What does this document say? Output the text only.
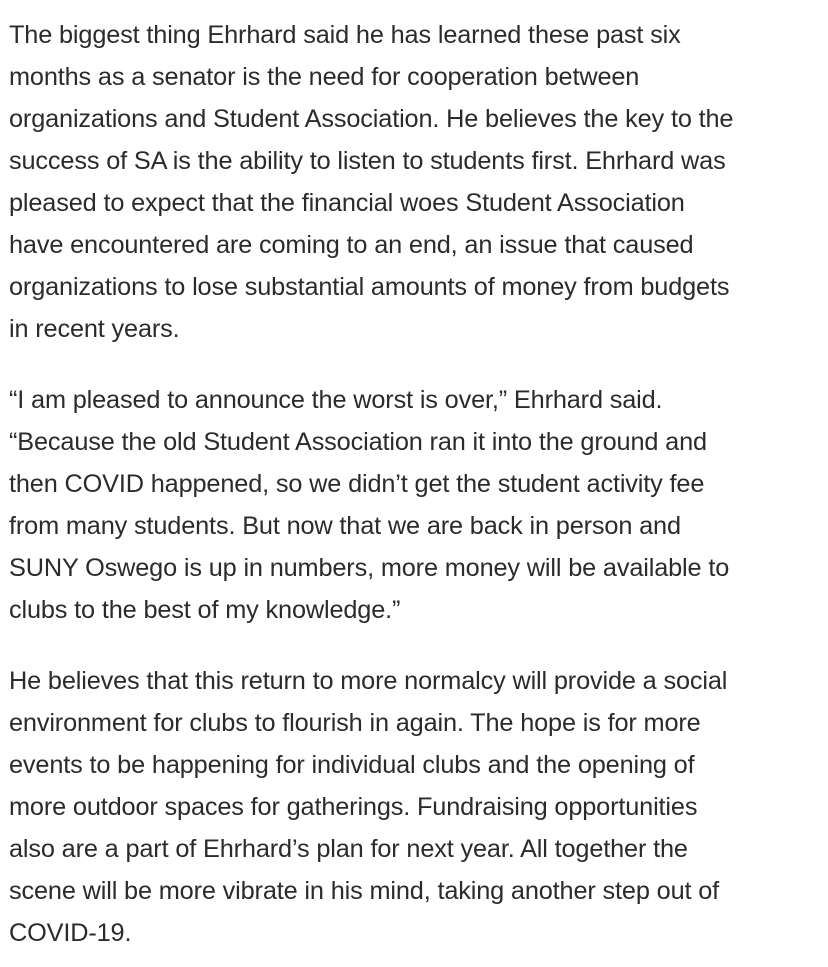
The biggest thing Ehrhard said he has learned these past six
months as a senator is the need for cooperation between
organizations and Student Association. He believes the key to the
success of SA is the ability to listen to students first. Ehrhard was
pleased to expect that the financial woes Student Association
have encountered are coming to an end, an issue that caused
organizations to lose substantial amounts of money from budgets
in recent years.

“I am pleased to announce the worst is over,” Ehrhard said.
“Because the old Student Association ran it into the ground and
then COVID happened, so we didn’t get the student activity fee
from many students. But now that we are back in person and
SUNY Oswego is up in numbers, more money will be available to
clubs to the best of my knowledge.”

He believes that this return to more normalcy will provide a social
environment for clubs to flourish in again. The hope is for more
events to be happening for individual clubs and the opening of
more outdoor spaces for gatherings. Fundraising opportunities
also are a part of Ehrhard’s plan for next year. All together the
scene will be more vibrate in his mind, taking another step out of
COVID-19.
